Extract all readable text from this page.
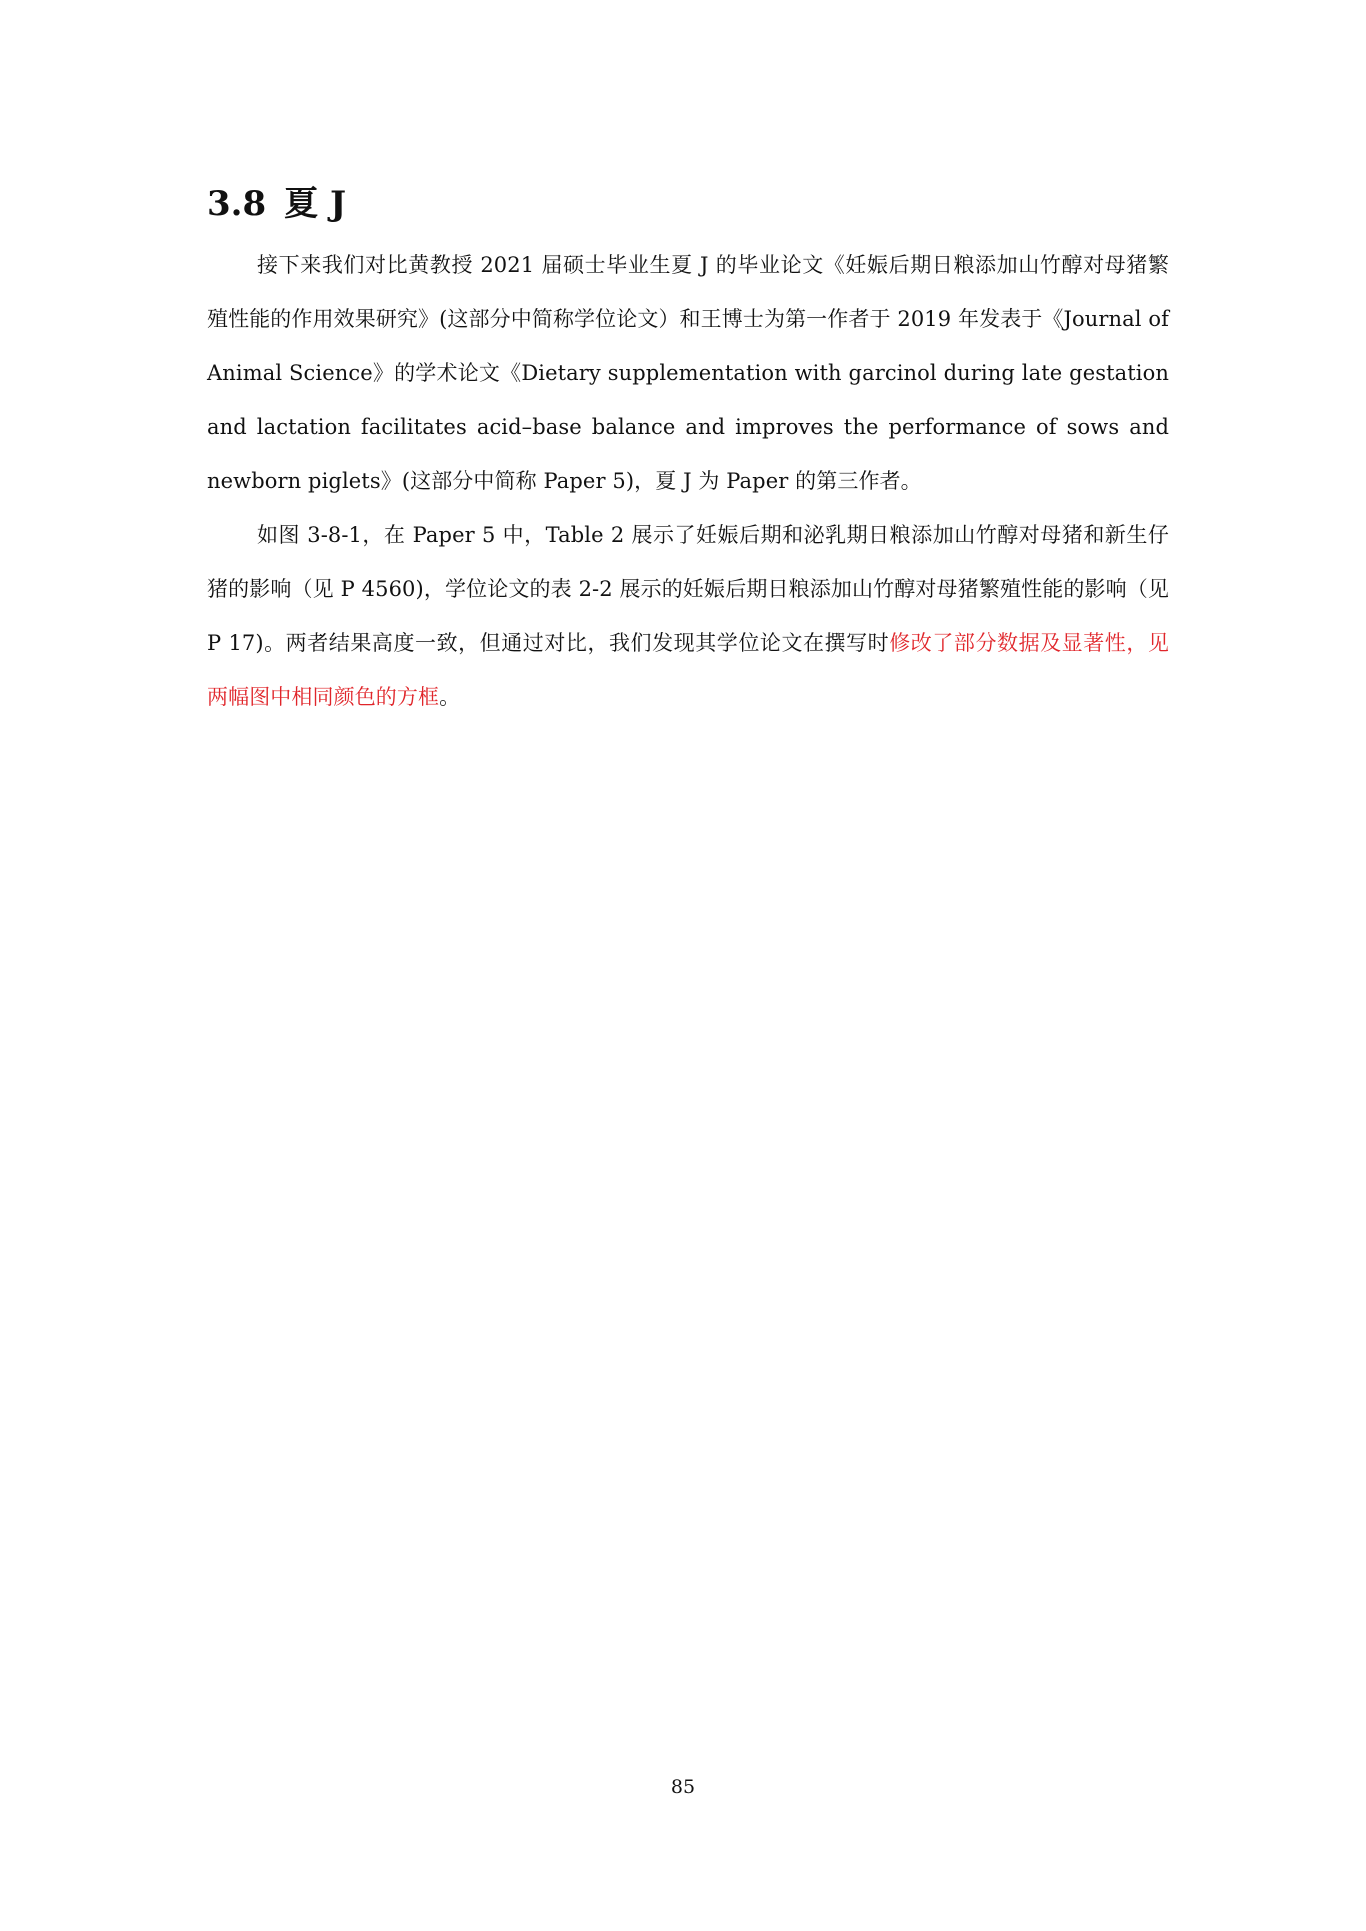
3.8 夏 J

接下来我们对比黄教授 2021 届硕士毕业生夏 J 的毕业论文《妊娠后期日粮添加山竹醇对母猪繁殖性能的作用效果研究》(这部分中简称学位论文）和王博士为第一作者于 2019 年发表于《Journal of Animal Science》的学术论文《Dietary supplementation with garcinol during late gestation and lactation facilitates acid–base balance and improves the performance of sows and newborn piglets》(这部分中简称 Paper 5)，夏 J 为 Paper 的第三作者。

如图 3-8-1，在 Paper 5 中，Table 2 展示了妊娠后期和泌乳期日粮添加山竹醇对母猪和新生仔猪的影响（见 P 4560)，学位论文的表 2-2 展示的妊娠后期日粮添加山竹醇对母猪繁殖性能的影响（见 P 17)。两者结果高度一致，但通过对比，我们发现其学位论文在撰写时修改了部分数据及显著性，见两幅图中相同颜色的方框。

85
